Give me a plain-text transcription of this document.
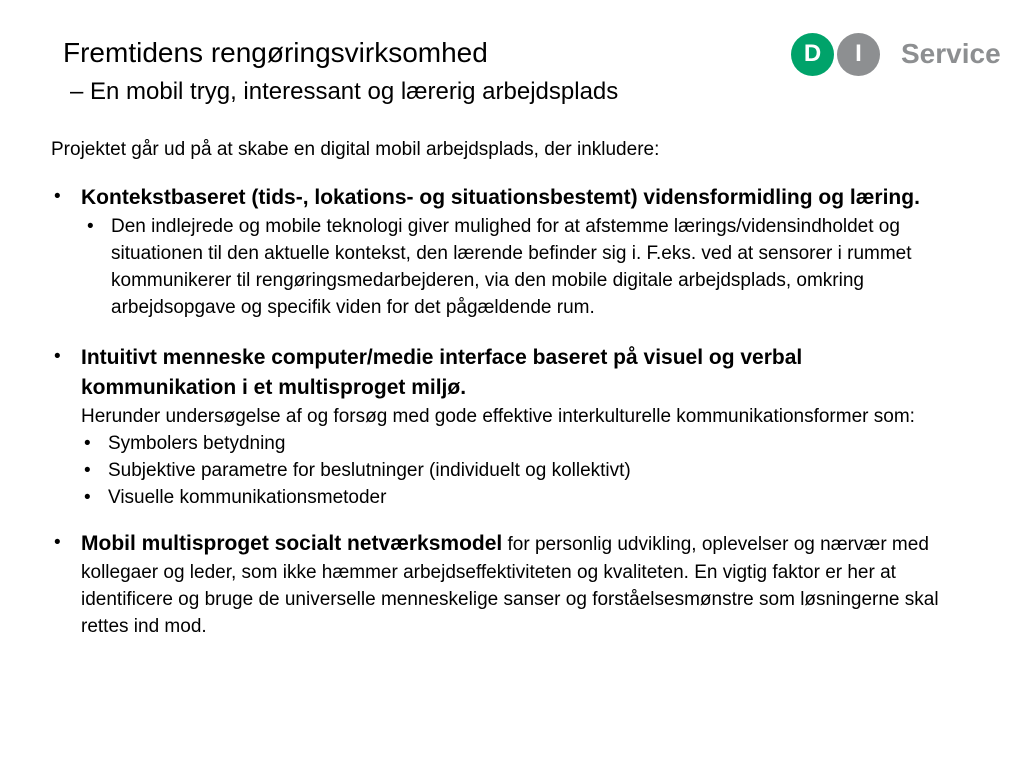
Fremtidens rengøringsvirksomhed
– En mobil tryg, interessant og lærerig arbejdsplads
D	I	Service
Projektet går ud på at skabe en digital mobil arbejdsplads, der inkludere:
• Kontekstbaseret (tids-, lokations- og situationsbestemt) vidensformidling og læring.
• Den indlejrede og mobile teknologi giver mulighed for at afstemme lærings/vidensindholdet og situationen til den aktuelle kontekst, den lærende befinder sig i. F.eks. ved at sensorer i rummet kommunikerer til rengøringsmedarbejderen, via den mobile digitale arbejdsplads, omkring arbejdsopgave og specifik viden for det pågældende rum.
• Intuitivt menneske computer/medie interface baseret på visuel og verbal kommunikation i et multisproget miljø.
Herunder undersøgelse af og forsøg med gode effektive interkulturelle kommunikationsformer som:
• Symbolers betydning
• Subjektive parametre for beslutninger (individuelt og kollektivt)
• Visuelle kommunikationsmetoder
• Mobil multisproget socialt netværksmodel for personlig udvikling, oplevelser og nærvær med kollegaer og leder, som ikke hæmmer arbejdseffektiviteten og kvaliteten. En vigtig faktor er her at identificere og bruge de universelle menneskelige sanser og forståelsesmønstre som løsningerne skal rettes ind mod.
